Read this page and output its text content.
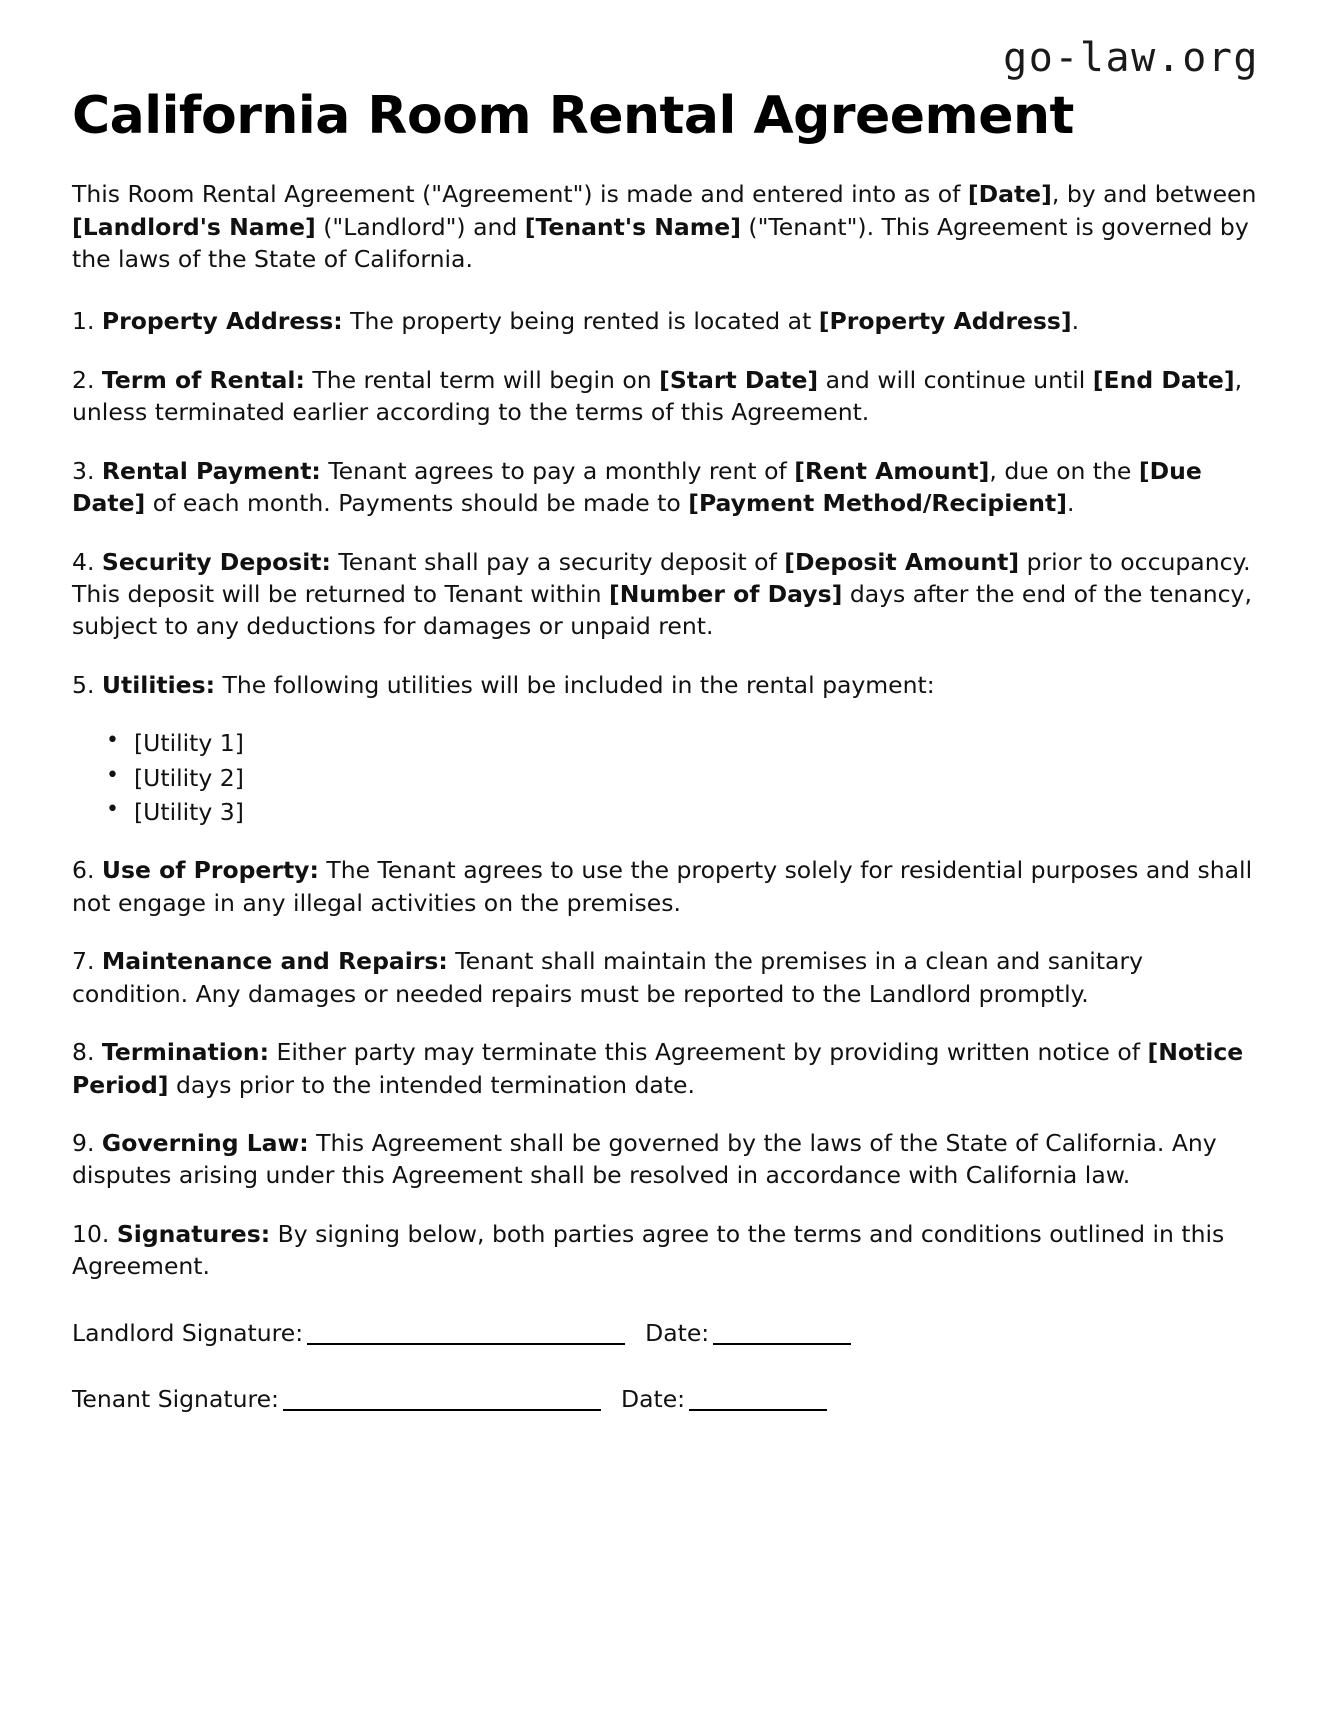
go-law.org
California Room Rental Agreement

This Room Rental Agreement ("Agreement") is made and entered into as of [Date], by and between [Landlord's Name] ("Landlord") and [Tenant's Name] ("Tenant"). This Agreement is governed by the laws of the State of California.

1. Property Address: The property being rented is located at [Property Address].

2. Term of Rental: The rental term will begin on [Start Date] and will continue until [End Date], unless terminated earlier according to the terms of this Agreement.

3. Rental Payment: Tenant agrees to pay a monthly rent of [Rent Amount], due on the [Due Date] of each month. Payments should be made to [Payment Method/Recipient].

4. Security Deposit: Tenant shall pay a security deposit of [Deposit Amount] prior to occupancy. This deposit will be returned to Tenant within [Number of Days] days after the end of the tenancy, subject to any deductions for damages or unpaid rent.

5. Utilities: The following utilities will be included in the rental payment:

• [Utility 1]
• [Utility 2]
• [Utility 3]

6. Use of Property: The Tenant agrees to use the property solely for residential purposes and shall not engage in any illegal activities on the premises.

7. Maintenance and Repairs: Tenant shall maintain the premises in a clean and sanitary condition. Any damages or needed repairs must be reported to the Landlord promptly.

8. Termination: Either party may terminate this Agreement by providing written notice of [Notice Period] days prior to the intended termination date.

9. Governing Law: This Agreement shall be governed by the laws of the State of California. Any disputes arising under this Agreement shall be resolved in accordance with California law.

10. Signatures: By signing below, both parties agree to the terms and conditions outlined in this Agreement.

Landlord Signature:	Date:
Tenant Signature:	Date:
